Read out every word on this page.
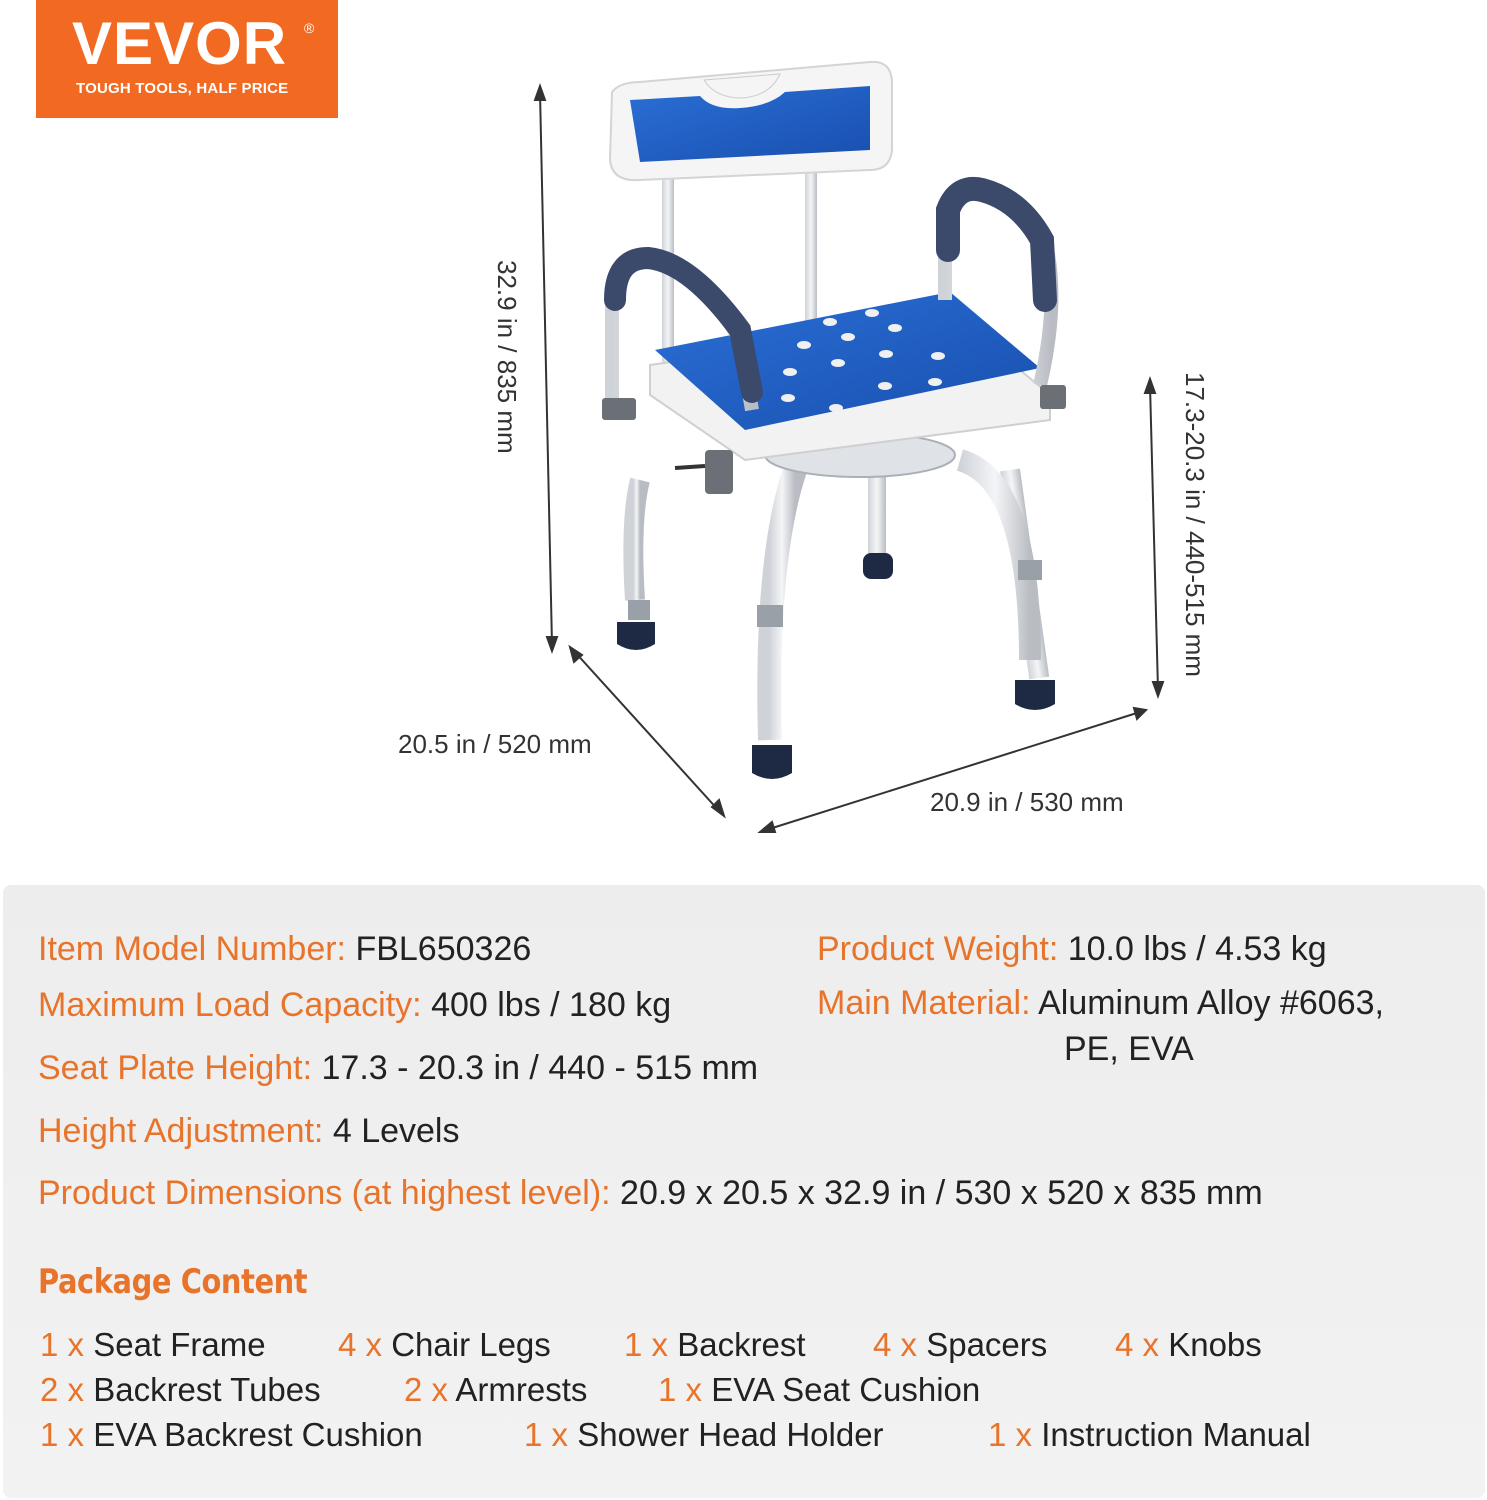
VEVOR ®
TOUGH TOOLS, HALF PRICE
32.9 in / 835 mm
17.3-20.3 in / 440-515 mm
20.5 in / 520 mm
20.9 in / 530 mm
Item Model Number: FBL650326
Maximum Load Capacity: 400 lbs / 180 kg
Seat Plate Height: 17.3 - 20.3 in / 440 - 515 mm
Height Adjustment: 4 Levels
Product Dimensions (at highest level): 20.9 x 20.5 x 32.9 in / 530 x 520 x 835 mm
Product Weight: 10.0 lbs / 4.53 kg
Main Material: Aluminum Alloy #6063,
PE, EVA
Package Content
1 x Seat Frame 4 x Chair Legs 1 x Backrest 4 x Spacers 4 x Knobs
2 x Backrest Tubes	2 x Armrests 1 x EVA Seat Cushion
1 x EVA Backrest Cushion	1 x Shower Head Holder	1 x Instruction Manual
